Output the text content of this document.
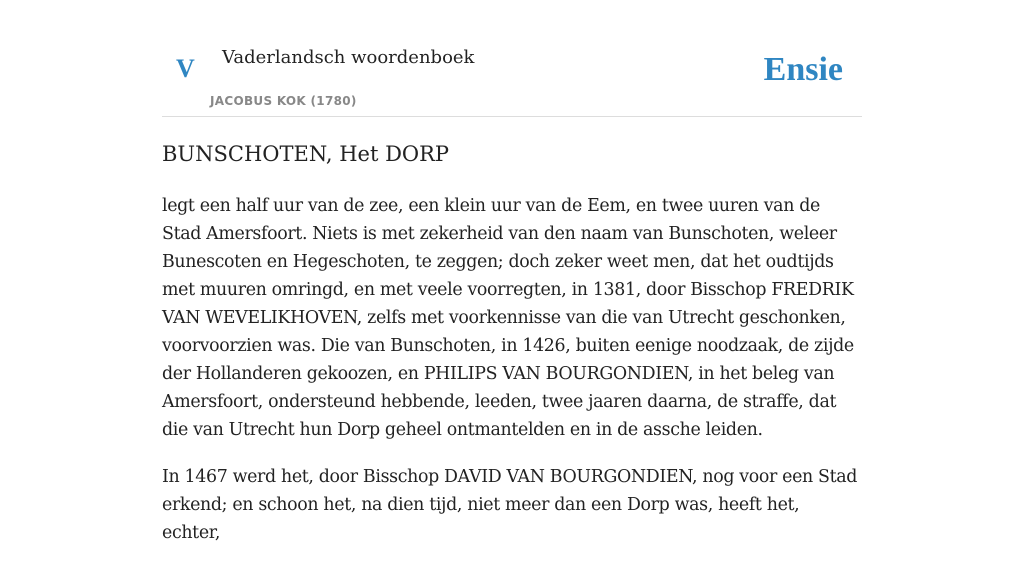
V Vaderlandsch woordenboek
JACOBUS KOK (1780)
Ensie
BUNSCHOTEN, Het DORP

legt een half uur van de zee, een klein uur van de Eem, en twee uuren van de Stad Amersfoort. Niets is met zekerheid van den naam van Bunschoten, weleer Bunescoten en Hegeschoten, te zeggen; doch zeker weet men, dat het oudtijds met muuren omringd, en met veele voorregten, in 1381, door Bisschop FREDRIK VAN WEVELIKHOVEN, zelfs met voorkennisse van die van Utrecht geschonken, voorvoorzien was. Die van Bunschoten, in 1426, buiten eenige noodzaak, de zijde der Hollanderen gekoozen, en PHILIPS VAN BOURGONDIEN, in het beleg van Amersfoort, ondersteund hebbende, leeden, twee jaaren daarna, de straffe, dat die van Utrecht hun Dorp geheel ontmantelden en in de assche leiden.

In 1467 werd het, door Bisschop DAVID VAN BOURGONDIEN, nog voor een Stad erkend; en schoon het, na dien tijd, niet meer dan een Dorp was, heeft het, echter,
